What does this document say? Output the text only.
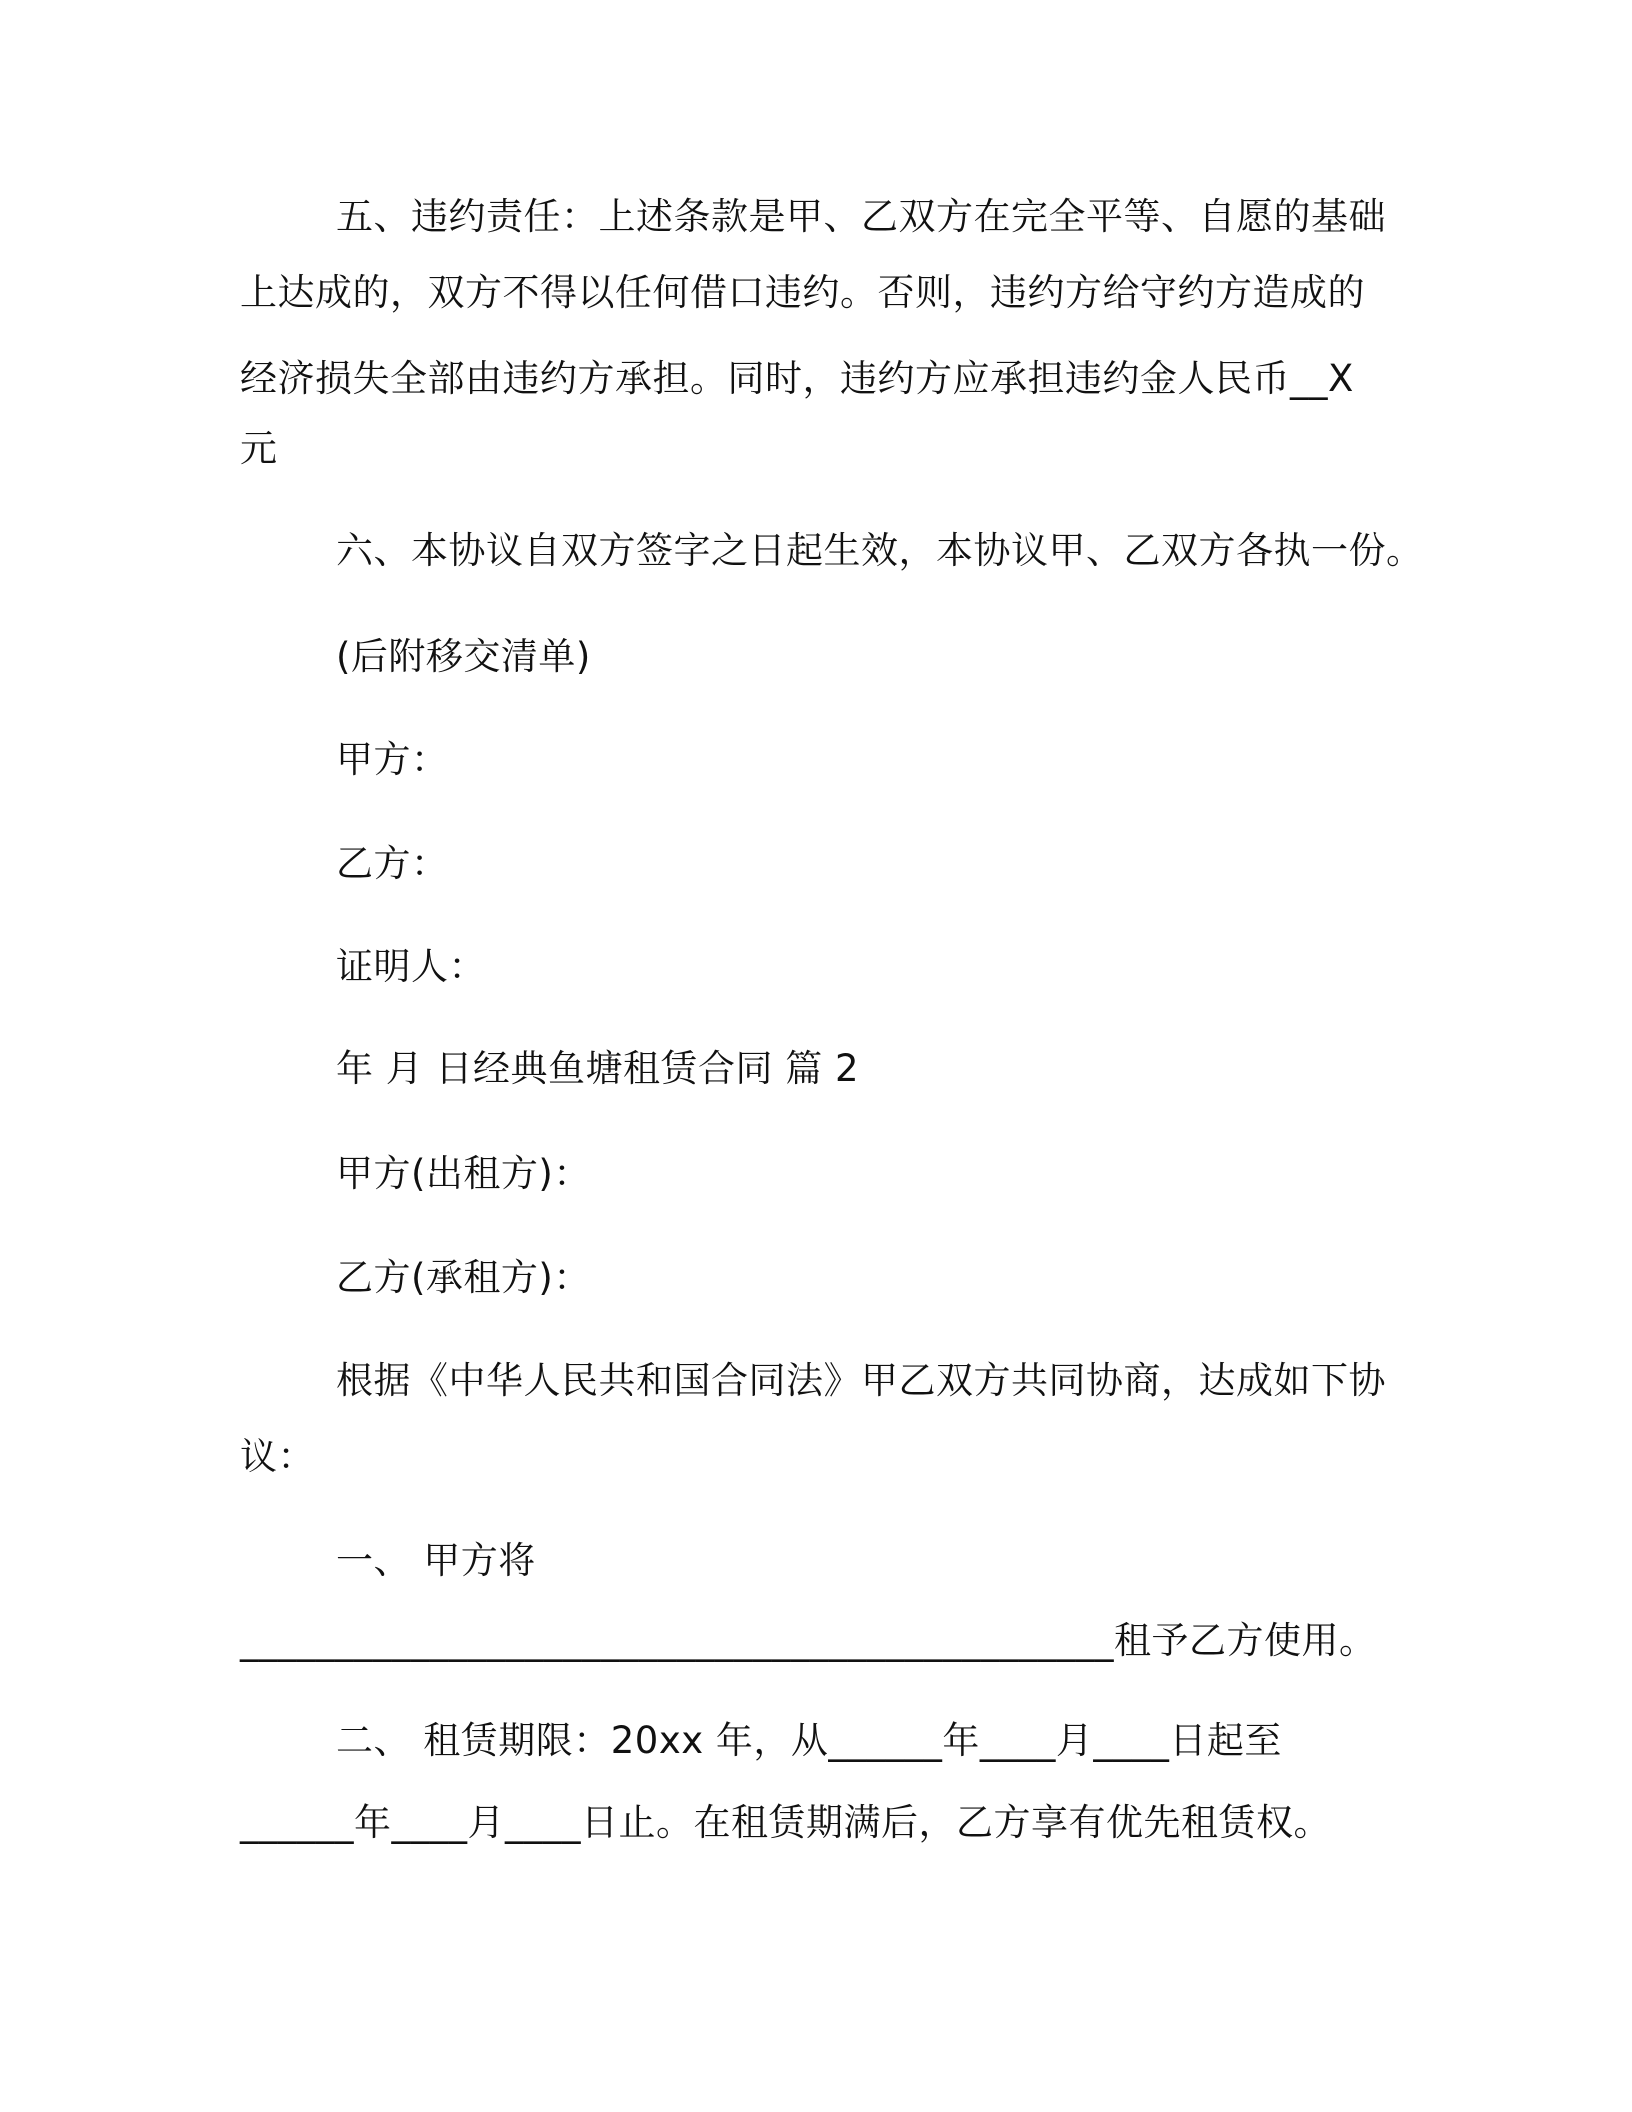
五、违约责任：上述条款是甲、乙双方在完全平等、自愿的基础
上达成的，双方不得以任何借口违约。否则，违约方给守约方造成的
经济损失全部由违约方承担。同时，违约方应承担违约金人民币__X
元
六、本协议自双方签字之日起生效，本协议甲、乙双方各执一份。
(后附移交清单)
甲方：
乙方：
证明人：
年 月 日经典鱼塘租赁合同 篇 2
甲方(出租方)：
乙方(承租方)：
根据《中华人民共和国合同法》甲乙双方共同协商，达成如下协
议：
一、 甲方将
______________________________________________租予乙方使用。
二、 租赁期限：20xx 年，从______年____月____日起至
______年____月____日止。在租赁期满后，乙方享有优先租赁权。
